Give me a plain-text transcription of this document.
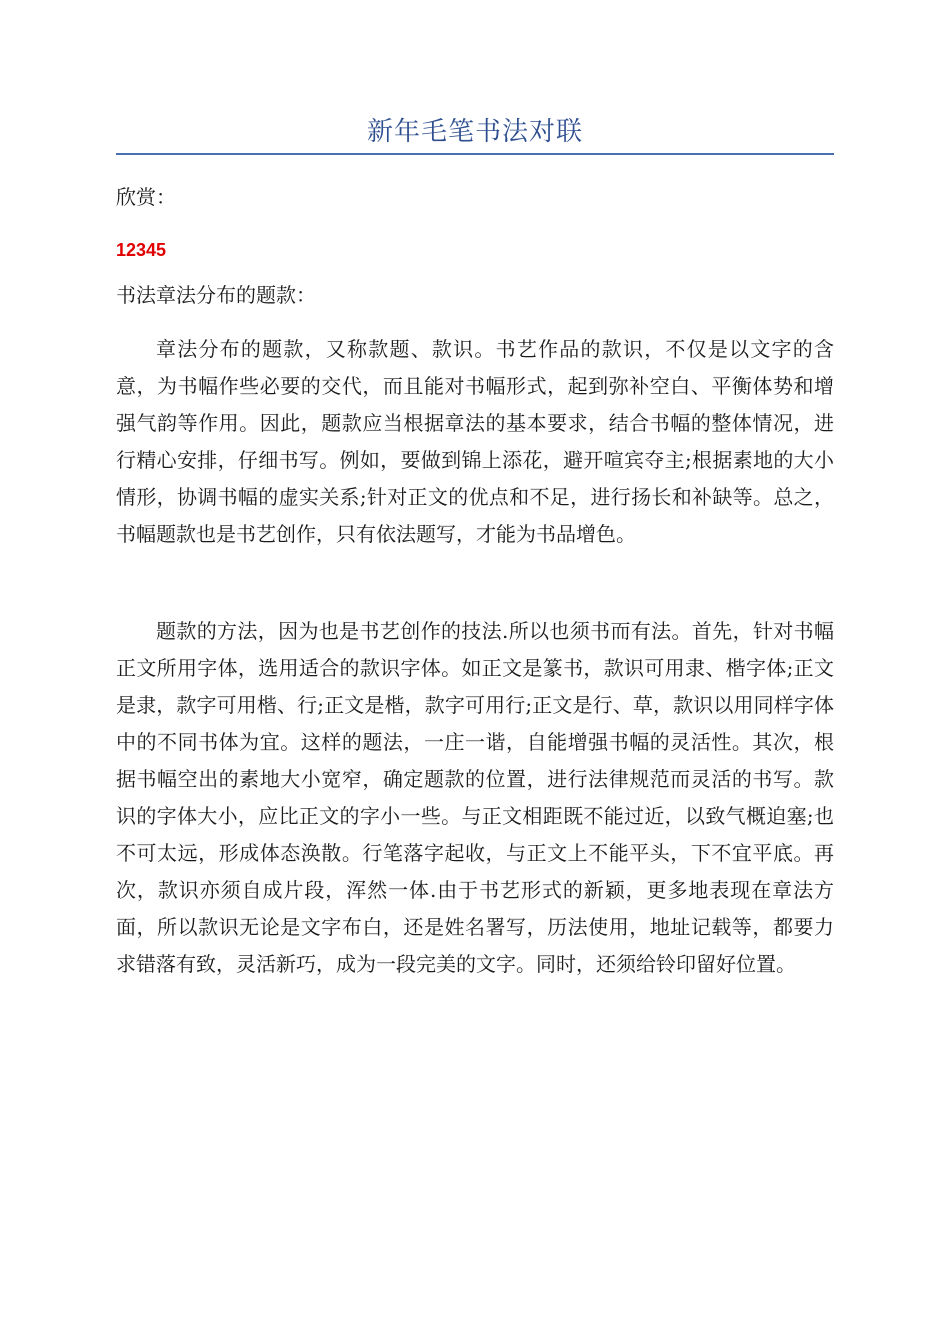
新年毛笔书法对联
欣赏：
12345
书法章法分布的题款：

章法分布的题款，又称款题、款识。书艺作品的款识，不仅是以文字的含意，为书幅作些必要的交代，而且能对书幅形式，起到弥补空白、平衡体势和增强气韵等作用。因此，题款应当根据章法的基本要求，结合书幅的整体情况，进行精心安排，仔细书写。例如，要做到锦上添花，避开喧宾夺主;根据素地的大小情形，协调书幅的虚实关系;针对正文的优点和不足，进行扬长和补缺等。总之，书幅题款也是书艺创作，只有依法题写，才能为书品增色。

题款的方法，因为也是书艺创作的技法.所以也须书而有法。首先，针对书幅正文所用字体，选用适合的款识字体。如正文是篆书，款识可用隶、楷字体;正文是隶，款字可用楷、行;正文是楷，款字可用行;正文是行、草，款识以用同样字体中的不同书体为宜。这样的题法，一庄一谐，自能增强书幅的灵活性。其次，根据书幅空出的素地大小宽窄，确定题款的位置，进行法律规范而灵活的书写。款识的字体大小，应比正文的字小一些。与正文相距既不能过近，以致气概迫塞;也不可太远，形成体态涣散。行笔落字起收，与正文上不能平头，下不宜平底。再次，款识亦须自成片段，浑然一体.由于书艺形式的新颖，更多地表现在章法方面，所以款识无论是文字布白，还是姓名署写，历法使用，地址记载等，都要力求错落有致，灵活新巧，成为一段完美的文字。同时，还须给铃印留好位置。
